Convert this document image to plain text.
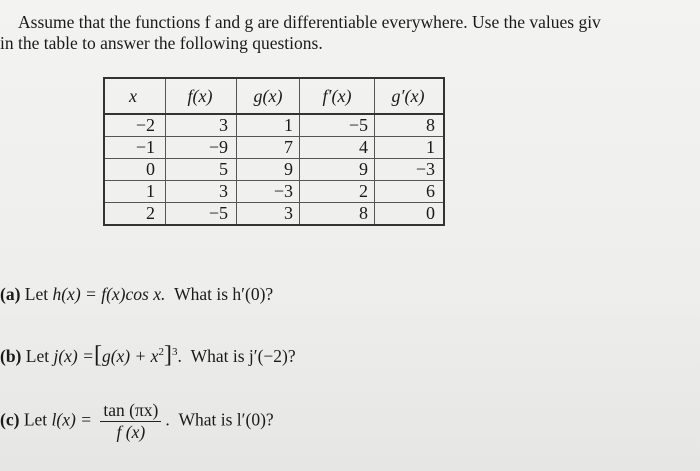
Assume that the functions f and g are differentiable everywhere. Use the values giv
in the table to answer the following questions.
x	f(x)	g(x)	f′(x)	g′(x)
−2	3	1	−5	8
−1	−9	7	4	1
0	5	9	9	−3
1	3	−3	2	6
2	−5	3	8	0
(a) Let h(x) = f(x)cos x. What is h′(0)?
(b) Let $j(x) =[g(x) + x^2]^3$.  What is j′(−2)?
(c) Let $l(x) = \frac{\tan (\pi x)}{f (x)}$ .  What is l′(0)?
